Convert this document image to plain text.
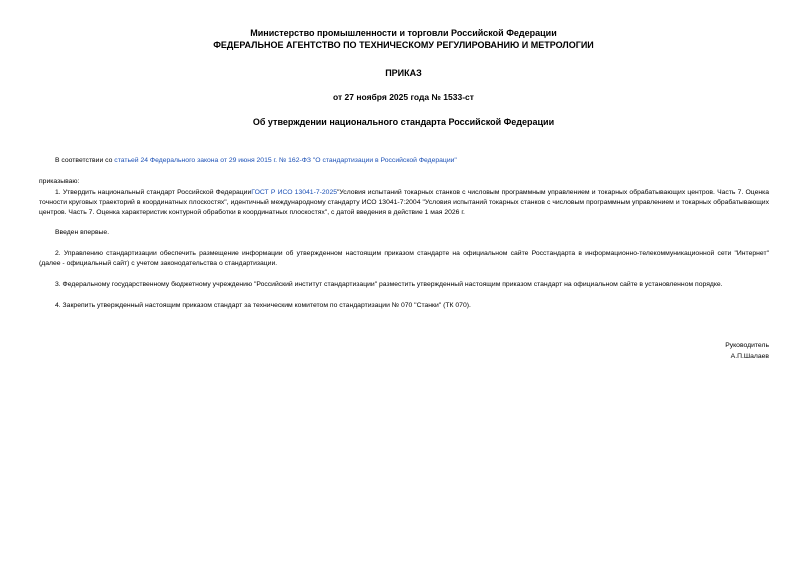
Министерство промышленности и торговли Российской Федерации
ФЕДЕРАЛЬНОЕ АГЕНТСТВО ПО ТЕХНИЧЕСКОМУ РЕГУЛИРОВАНИЮ И МЕТРОЛОГИИ
ПРИКАЗ
от 27 ноября 2025 года № 1533-ст
Об утверждении национального стандарта Российской Федерации
В соответствии со статьей 24 Федерального закона от 29 июня 2015 г. № 162-ФЗ "О стандартизации в Российской Федерации"
приказываю:
1. Утвердить национальный стандарт Российской ФедерацииГОСТ Р ИСО 13041-7-2025"Условия испытаний токарных станков с числовым программным управлением и токарных обрабатывающих центров. Часть 7. Оценка точности круговых траекторий в координатных плоскостях", идентичный международному стандарту ИСО 13041-7:2004 "Условия испытаний токарных станков с числовым программным управлением и токарных обрабатывающих центров. Часть 7. Оценка характеристик контурной обработки в координатных плоскостях", с датой введения в действие 1 мая 2026 г.
Введен впервые.
2. Управлению стандартизации обеспечить размещение информации об утвержденном настоящим приказом стандарте на официальном сайте Росстандарта в информационно-телекоммуникационной сети "Интернет" (далее - официальный сайт) с учетом законодательства о стандартизации.
3. Федеральному государственному бюджетному учреждению "Российский институт стандартизации" разместить утвержденный настоящим приказом стандарт на официальном сайте в установленном порядке.
4. Закрепить утвержденный настоящим приказом стандарт за техническим комитетом по стандартизации № 070 "Станки" (ТК 070).
Руководитель
А.П.Шалаев
